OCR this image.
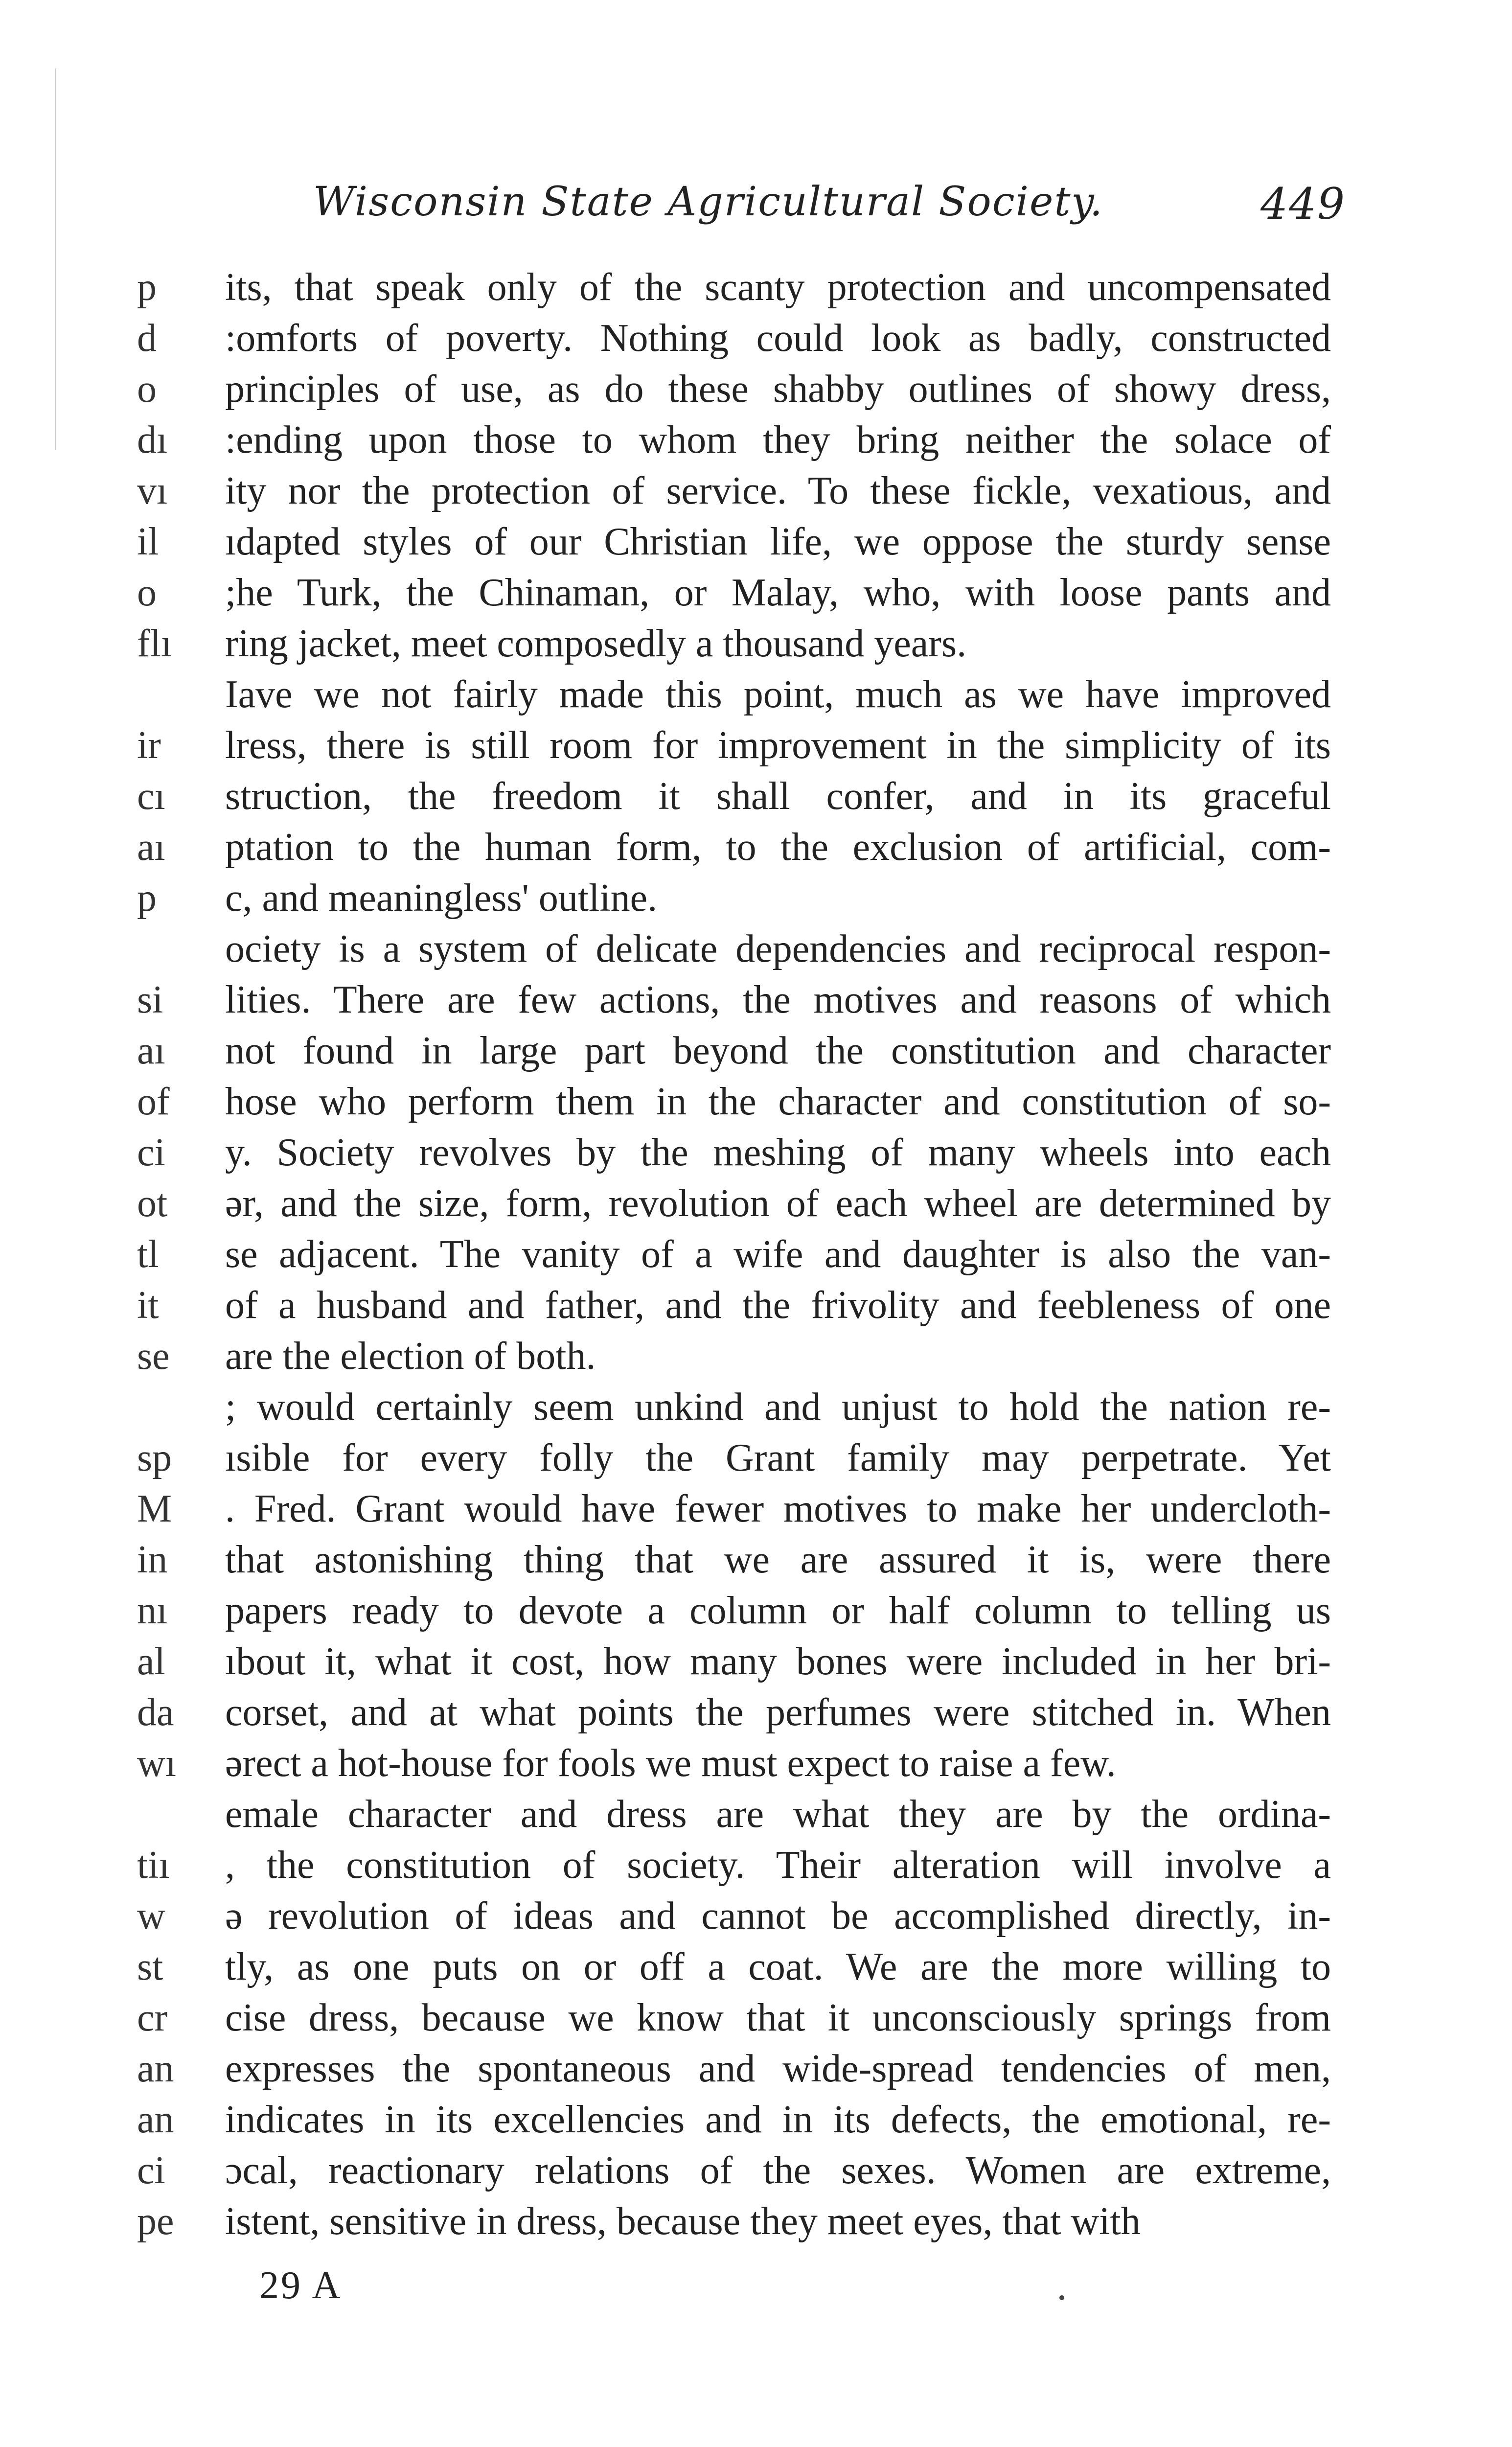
Wisconsin State Agricultural Society.	449
p	its, that speak only of the scanty protection and uncompensated
d	:omforts of poverty. Nothing could look as badly, constructed
o	principles of use, as do these shabby outlines of showy dress,
dı	:ending upon those to whom they bring neither the solace of
vı	ity nor the protection of service. To these fickle, vexatious, and
il	ıdapted styles of our Christian life, we oppose the sturdy sense
o	;he Turk, the Chinaman, or Malay, who, with loose pants and
flı	ring jacket, meet composedly a thousand years.
Iave we not fairly made this point, much as we have improved
ir	lress, there is still room for improvement in the simplicity of its
cı	struction, the freedom it shall confer, and in its graceful
aı	ptation to the human form, to the exclusion of artificial, com-
p	c, and meaningless' outline.
ociety is a system of delicate dependencies and reciprocal respon-
si	lities. There are few actions, the motives and reasons of which
aı	not found in large part beyond the constitution and character
of	hose who perform them in the character and constitution of so-
ci	y. Society revolves by the meshing of many wheels into each
ot	ər, and the size, form, revolution of each wheel are determined by
tl	se adjacent. The vanity of a wife and daughter is also the van-
it	of a husband and father, and the frivolity and feebleness of one
se	are the election of both.
; would certainly seem unkind and unjust to hold the nation re-
sp	ısible for every folly the Grant family may perpetrate. Yet
M	. Fred. Grant would have fewer motives to make her undercloth-
in	that astonishing thing that we are assured it is, were there
nı	papers ready to devote a column or half column to telling us
al	ıbout it, what it cost, how many bones were included in her bri-
da	corset, and at what points the perfumes were stitched in. When
wı	ərect a hot-house for fools we must expect to raise a few.
emale character and dress are what they are by the ordina-
tiı	, the constitution of society. Their alteration will involve a
w	ə revolution of ideas and cannot be accomplished directly, in-
st	tly, as one puts on or off a coat. We are the more willing to
cr	cise dress, because we know that it unconsciously springs from
an	expresses the spontaneous and wide-spread tendencies of men,
an	indicates in its excellencies and in its defects, the emotional, re-
ci	ɔcal, reactionary relations of the sexes. Women are extreme,
pe	istent, sensitive in dress, because they meet eyes, that with
29 A
